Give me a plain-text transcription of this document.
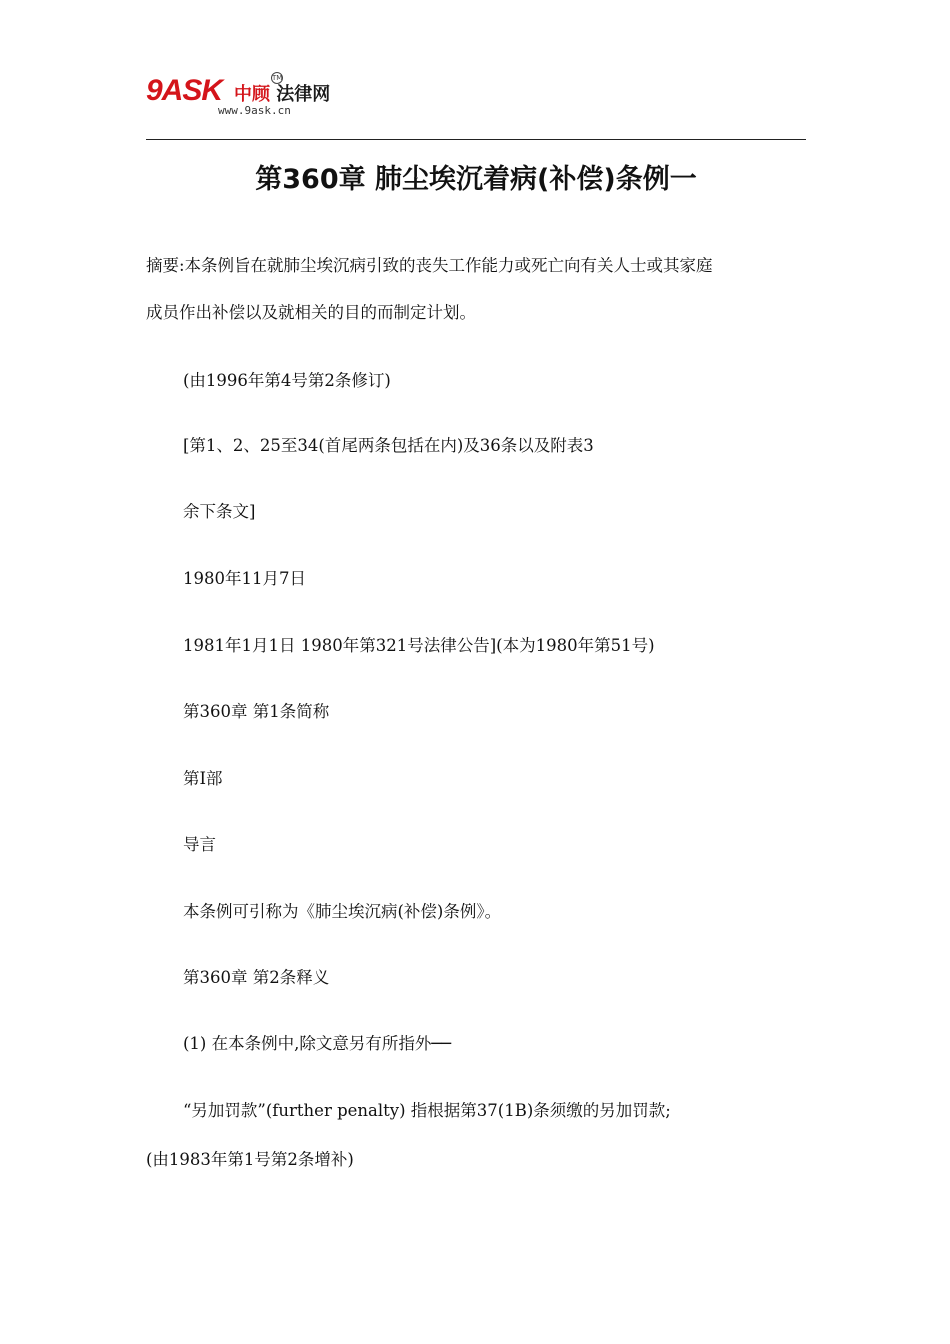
9ASK 中顾 法律网
TM
www.9ask.cn
第360章 肺尘埃沉着病(补偿)条例一
摘要:本条例旨在就肺尘埃沉病引致的丧失工作能力或死亡向有关人士或其家庭
成员作出补偿以及就相关的目的而制定计划。
(由1996年第4号第2条修订)
[第1、2、25至34(首尾两条包括在内)及36条以及附表3
余下条文]
1980年11月7日
1981年1月1日 1980年第321号法律公告](本为1980年第51号)
第360章 第1条简称
第I部
导言
本条例可引称为《肺尘埃沉病(补偿)条例》。
第360章 第2条释义
(1) 在本条例中,除文意另有所指外──
“另加罚款”(further penalty) 指根据第37(1B)条须缴的另加罚款;
(由1983年第1号第2条增补)
